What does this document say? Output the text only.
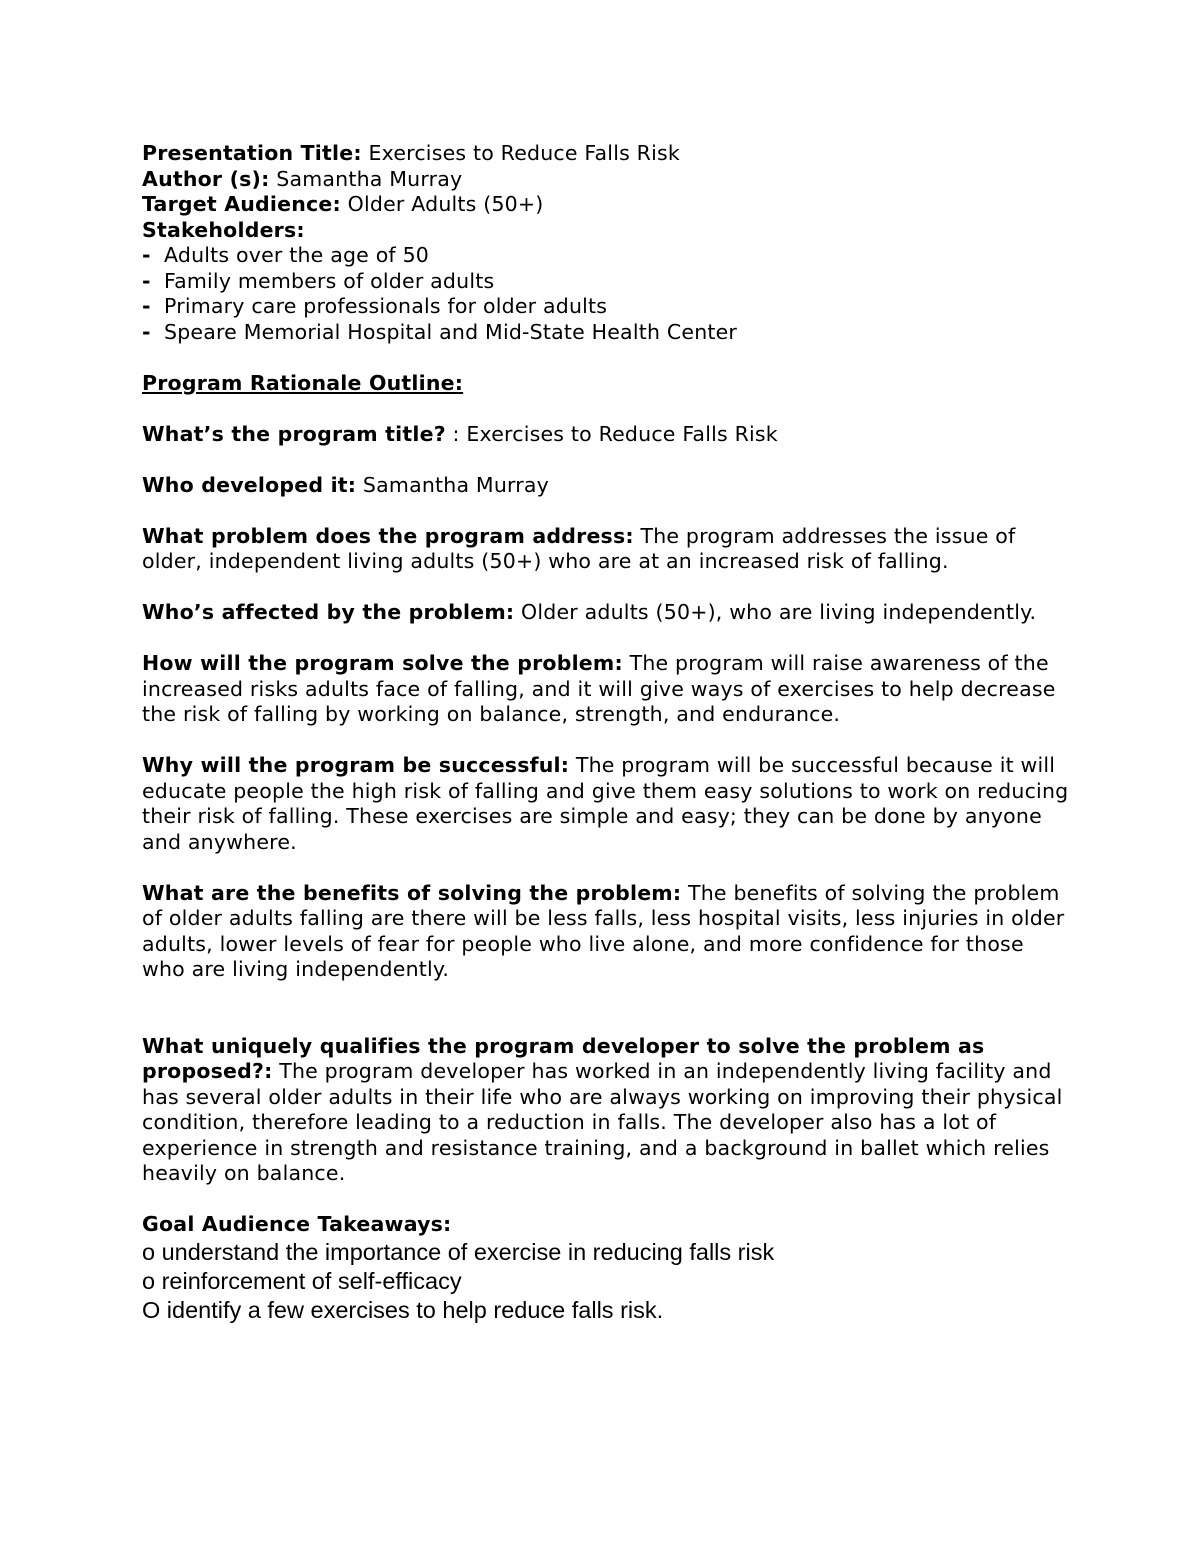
Presentation Title: Exercises to Reduce Falls Risk

Author (s): Samantha Murray

Target Audience: Older Adults (50+)

Stakeholders:

- Adults over the age of 50
- Family members of older adults
- Primary care professionals for older adults
- Speare Memorial Hospital and Mid-State Health Center

Program Rationale Outline:

What’s the program title? : Exercises to Reduce Falls Risk

Who developed it: Samantha Murray

What problem does the program address: The program addresses the issue of older, independent living adults (50+) who are at an increased risk of falling.

Who’s affected by the problem: Older adults (50+), who are living independently.

How will the program solve the problem: The program will raise awareness of the increased risks adults face of falling, and it will give ways of exercises to help decrease the risk of falling by working on balance, strength, and endurance.

Why will the program be successful: The program will be successful because it will educate people the high risk of falling and give them easy solutions to work on reducing their risk of falling. These exercises are simple and easy; they can be done by anyone and anywhere.

What are the benefits of solving the problem: The benefits of solving the problem of older adults falling are there will be less falls, less hospital visits, less injuries in older adults, lower levels of fear for people who live alone, and more confidence for those who are living independently.

What uniquely qualifies the program developer to solve the problem as proposed?: The program developer has worked in an independently living facility and has several older adults in their life who are always working on improving their physical condition, therefore leading to a reduction in falls. The developer also has a lot of experience in strength and resistance training, and a background in ballet which relies heavily on balance.

Goal Audience Takeaways:

o understand the importance of exercise in reducing falls risk
o reinforcement of self-efficacy
O identify a few exercises to help reduce falls risk.
